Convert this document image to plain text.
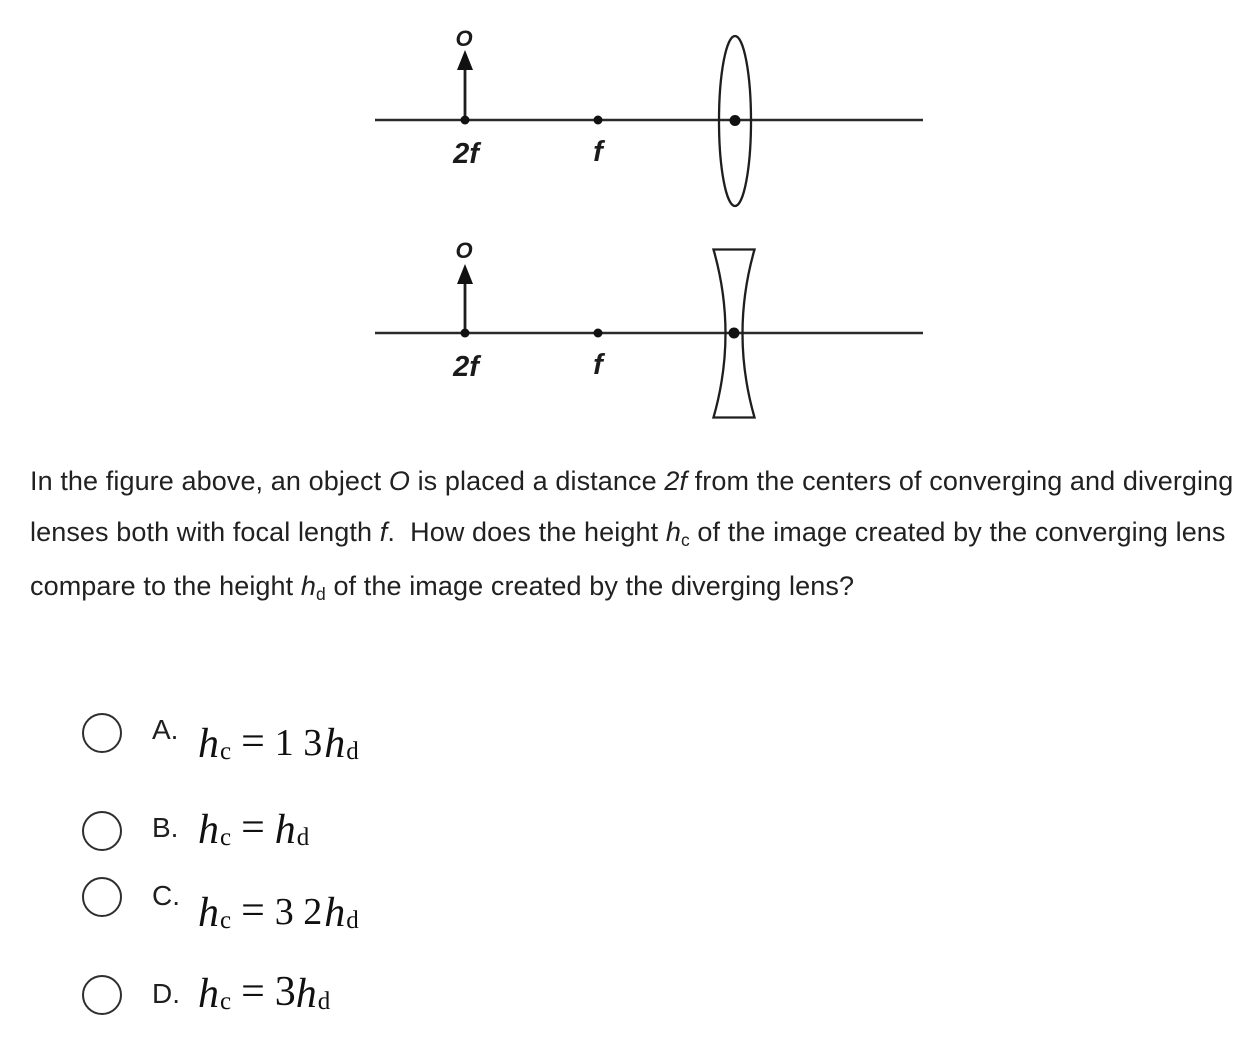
O
2f	f
O
2f	f
In the figure above, an object O is placed a distance 2f from the centers of converging and diverging lenses both with focal length f.  How does the height hc of the image created by the converging lens compare to the height hd of the image created by the diverging lens?
A. h c = 1 3 h d
B. h c = h d
C. h c = 3 2 h d
D. h c = 3 h d
